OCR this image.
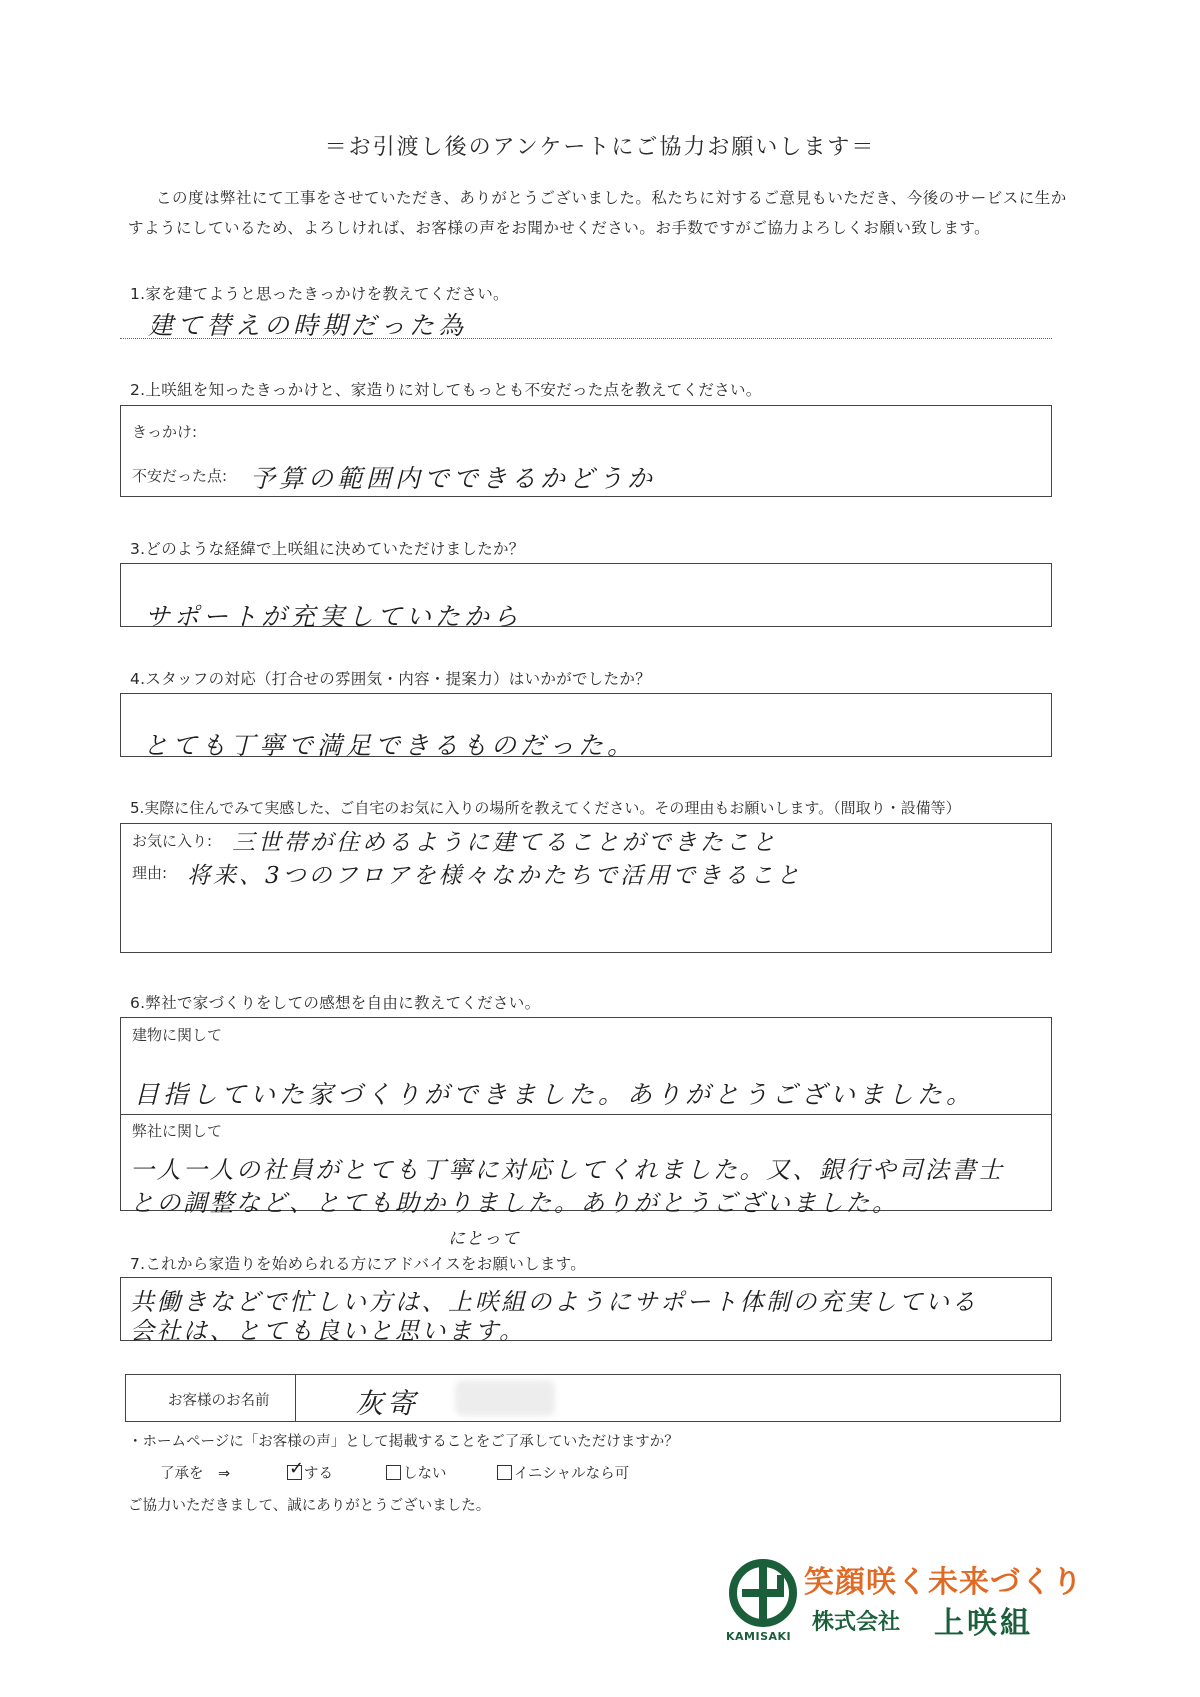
＝お引渡し後のアンケートにご協力お願いします＝
この度は弊社にて工事をさせていただき、ありがとうございました。私たちに対するご意見もいただき、今後のサービスに生か
すようにしているため、よろしければ、お客様の声をお聞かせください。お手数ですがご協力よろしくお願い致します。
1.家を建てようと思ったきっかけを教えてください。
建て替えの時期だった為
2.上咲組を知ったきっかけと、家造りに対してもっとも不安だった点を教えてください。
きっかけ:
不安だった点: 予算の範囲内でできるかどうか
3.どのような経緯で上咲組に決めていただけましたか？
サポートが充実していたから
4.スタッフの対応（打合せの雰囲気・内容・提案力）はいかがでしたか？
とても丁寧で満足できるものだった。
5.実際に住んでみて実感した、ご自宅のお気に入りの場所を教えてください。その理由もお願いします。（間取り・設備等）
お気に入り: 三世帯が住めるように建てることができたこと
理由: 将来、3つのフロアを様々なかたちで活用できること
6.弊社で家づくりをしての感想を自由に教えてください。
建物に関して
目指していた家づくりができました。ありがとうございました。
弊社に関して
一人一人の社員がとても丁寧に対応してくれました。又、銀行や司法書士
との調整など、とても助かりました。ありがとうございました。
にとって
7.これから家造りを始められる方にアドバイスをお願いします。
共働きなどで忙しい方は、上咲組のようにサポート体制の充実している
会社は、とても良いと思います。
お客様のお名前	灰寄
・ホームページに「お客様の声」として掲載することをご了承していただけますか？
了承を　⇒	✓ する	しない	イニシャルなら可
ご協力いただきまして、誠にありがとうございました。
KAMISAKI
笑顔咲く未来づくり
株式会社 上咲組
